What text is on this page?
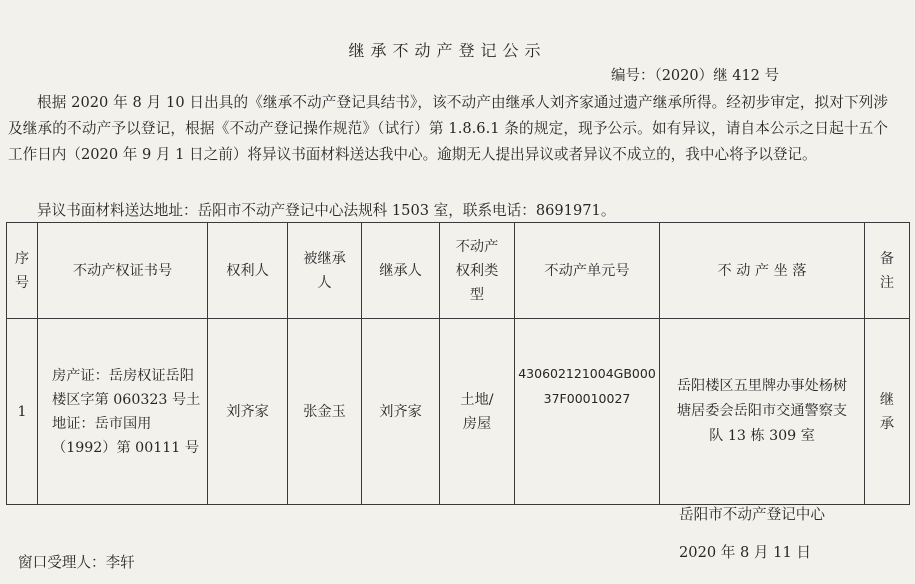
继承不动产登记公示
编号：（2020）继 412 号

根据 2020 年 8 月 10 日出具的《继承不动产登记具结书》，该不动产由继承人刘齐家通过遗产继承所得。经初步审定，拟对下列涉及继承的不动产予以登记，根据《不动产登记操作规范》（试行）第 1.8.6.1 条的规定，现予公示。如有异议，请自本公示之日起十五个工作日内（2020 年 9 月 1 日之前）将异议书面材料送达我中心。逾期无人提出异议或者异议不成立的，我中心将予以登记。

异议书面材料送达地址：岳阳市不动产登记中心法规科 1503 室，联系电话：8691971。
序号	不动产权证书号	权利人	被继承人	继承人	不动产权利类型	不动产单元号	不 动 产 坐 落	备注
1	房产证：岳房权证岳阳楼区字第 060323 号土地证：岳市国用（1992）第 00111 号	刘齐家	张金玉	刘齐家	土地/房屋	430602121004GB00037F00010027	岳阳楼区五里牌办事处杨树塘居委会岳阳市交通警察支队 13 栋 309 室	继承
岳阳市不动产登记中心
2020 年 8 月 11 日
窗口受理人：李轩
